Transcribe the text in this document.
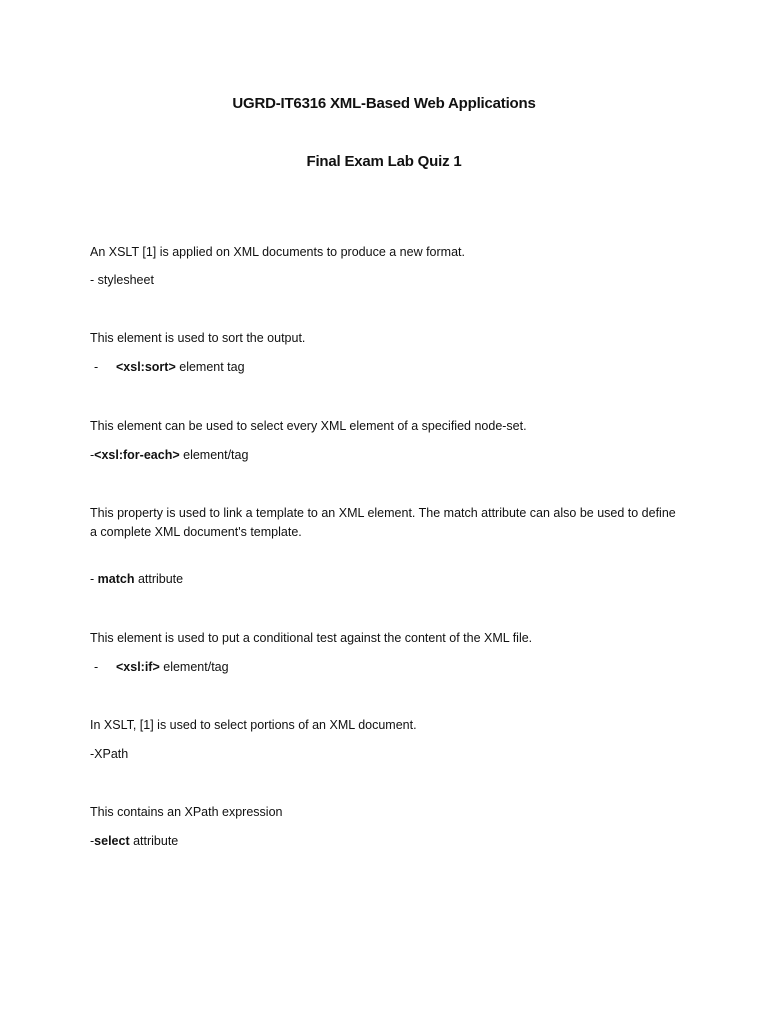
UGRD-IT6316 XML-Based Web Applications
Final Exam Lab Quiz 1
An XSLT [1] is applied on XML documents to produce a new format.
- stylesheet
This element is used to sort the output.
- <xsl:sort> element tag
This element can be used to select every XML element of a specified node-set.
-<xsl:for-each> element/tag
This property is used to link a template to an XML element. The match attribute can also be used to define a complete XML document's template.
- match attribute
This element is used to put a conditional test against the content of the XML file.
- <xsl:if> element/tag
In XSLT, [1] is used to select portions of an XML document.
-XPath
This contains an XPath expression
-select attribute
